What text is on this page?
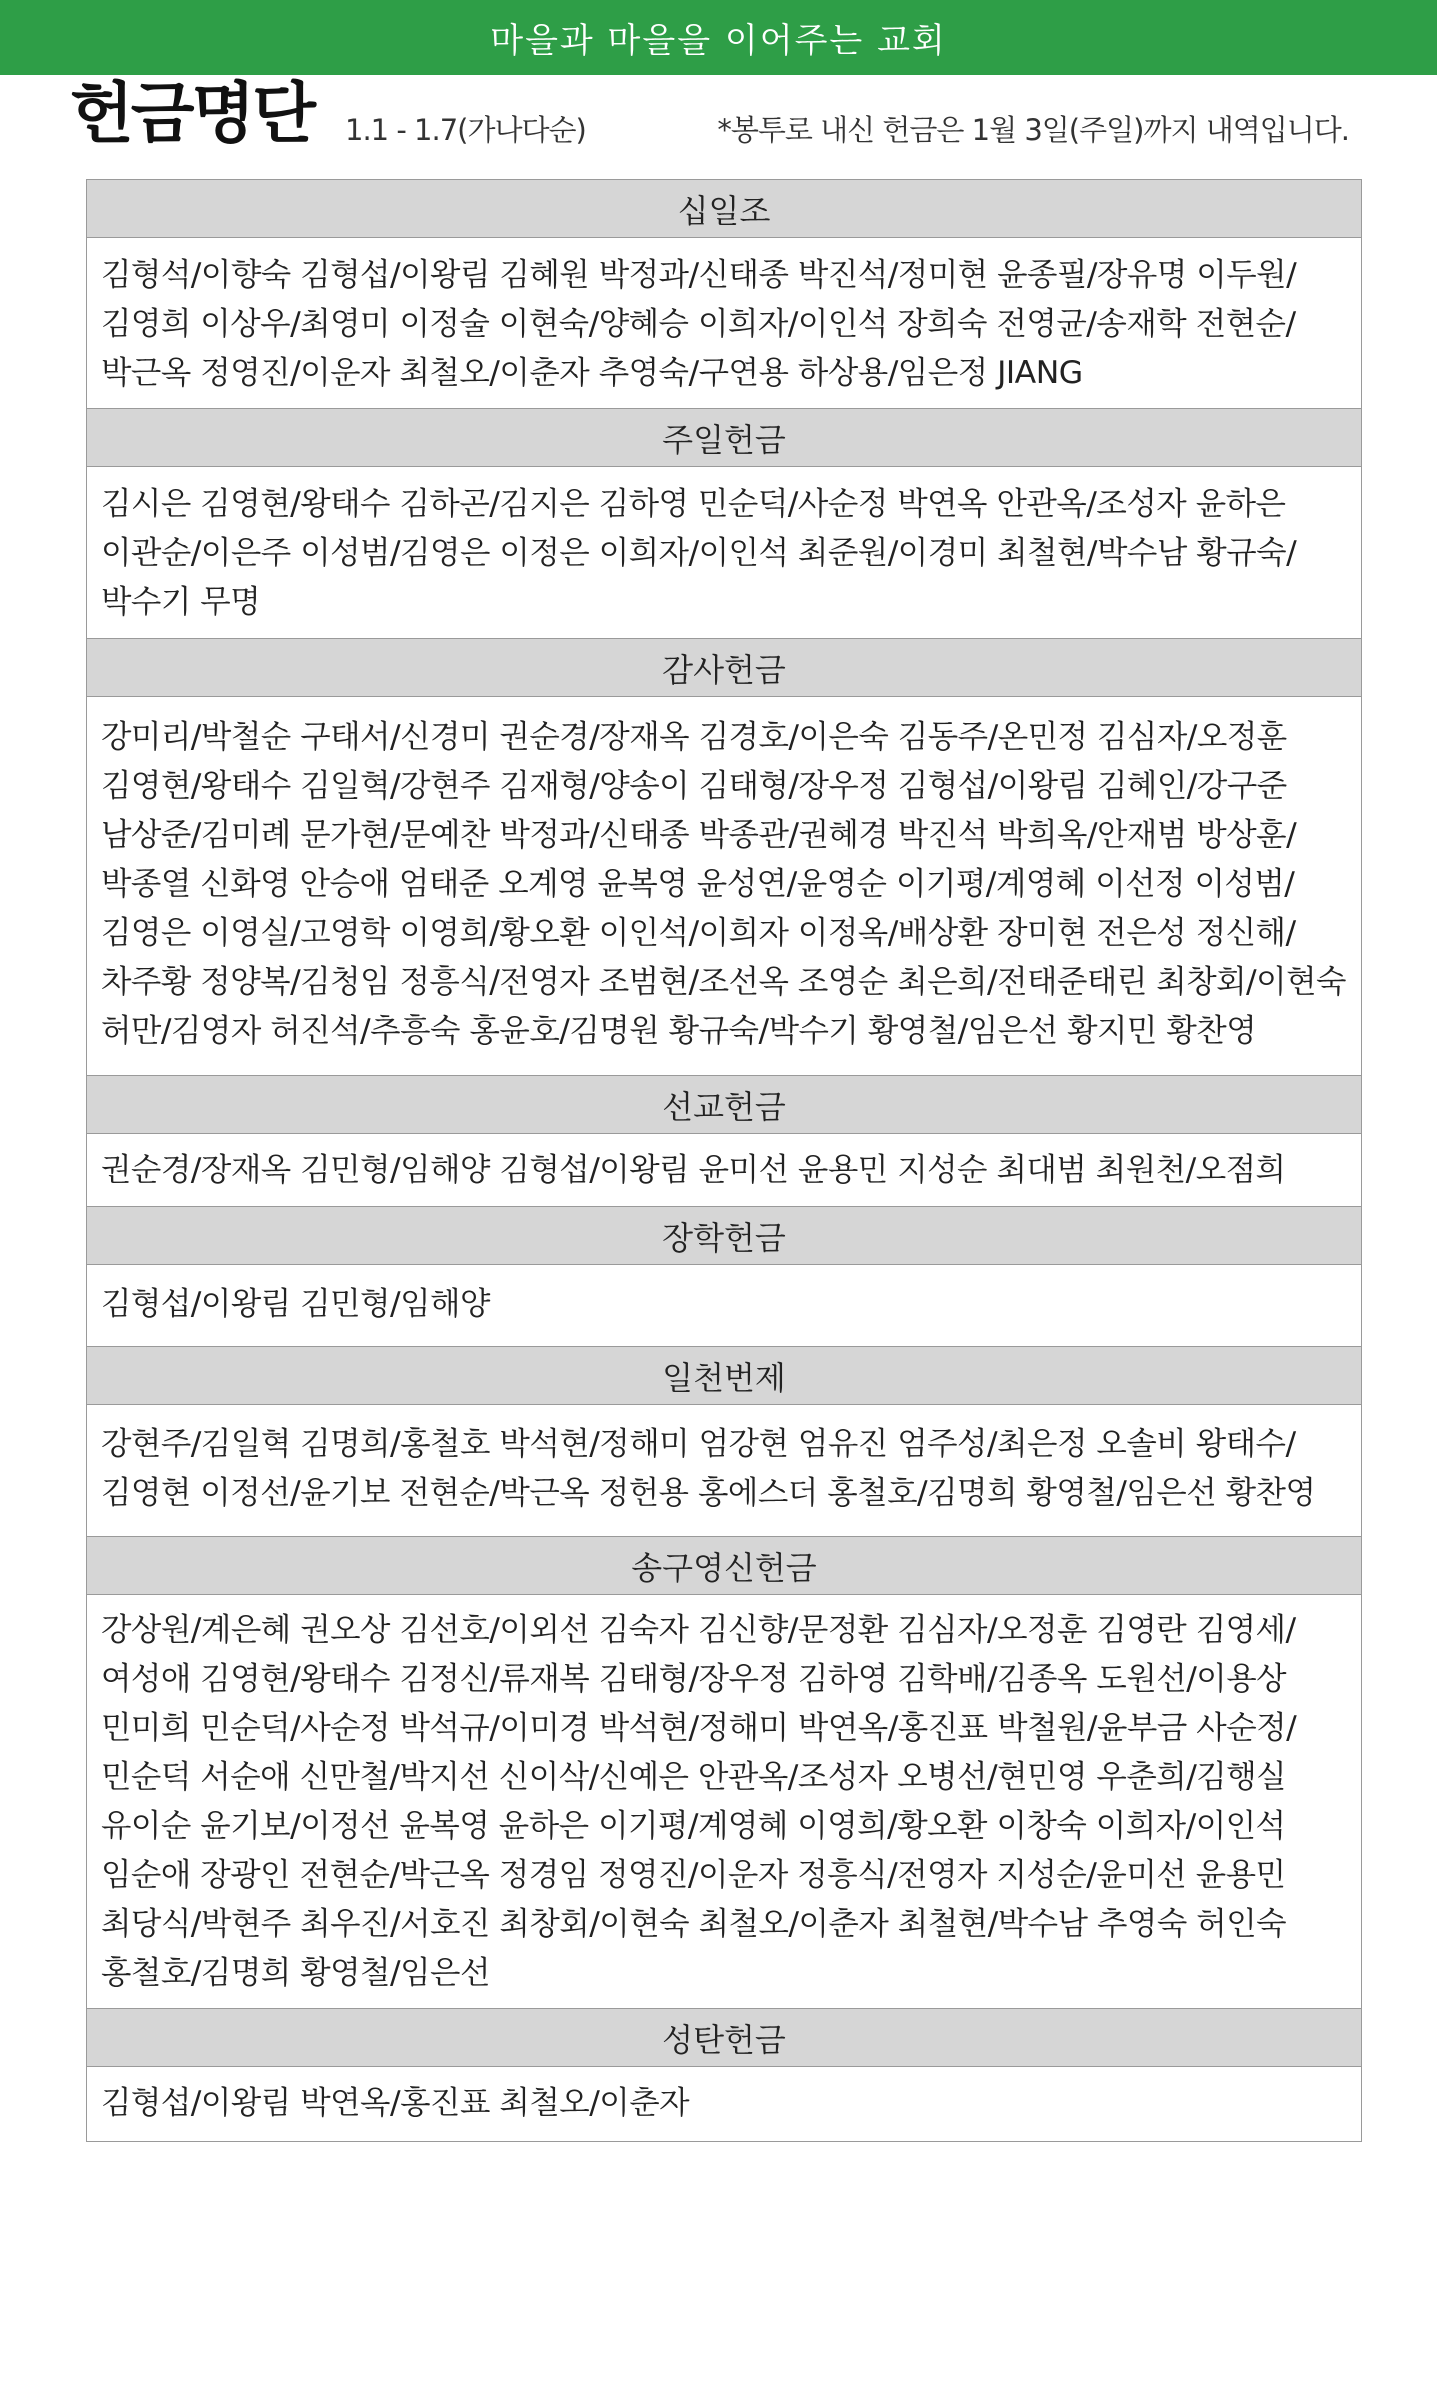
마을과 마을을 이어주는 교회
헌금명단 1.1 - 1.7(가나다순)	*봉투로 내신 헌금은 1월 3일(주일)까지 내역입니다.
십일조
김형석/이향숙 김형섭/이왕림 김혜원 박정과/신태종 박진석/정미현 윤종필/장유명 이두원/
김영희 이상우/최영미 이정술 이현숙/양혜승 이희자/이인석 장희숙 전영균/송재학 전현순/
박근옥 정영진/이운자 최철오/이춘자 추영숙/구연용 하상용/임은정 JIANG
주일헌금
김시은 김영현/왕태수 김하곤/김지은 김하영 민순덕/사순정 박연옥 안관옥/조성자 윤하은
이관순/이은주 이성범/김영은 이정은 이희자/이인석 최준원/이경미 최철현/박수남 황규숙/
박수기 무명
감사헌금
강미리/박철순 구태서/신경미 권순경/장재옥 김경호/이은숙 김동주/온민정 김심자/오정훈
김영현/왕태수 김일혁/강현주 김재형/양송이 김태형/장우정 김형섭/이왕림 김혜인/강구준
남상준/김미례 문가현/문예찬 박정과/신태종 박종관/권혜경 박진석 박희옥/안재범 방상훈/
박종열 신화영 안승애 엄태준 오계영 윤복영 윤성연/윤영순 이기평/계영혜 이선정 이성범/
김영은 이영실/고영학 이영희/황오환 이인석/이희자 이정옥/배상환 장미현 전은성 정신해/
차주황 정양복/김청임 정흥식/전영자 조범현/조선옥 조영순 최은희/전태준태린 최창회/이현숙
허만/김영자 허진석/추흥숙 홍윤호/김명원 황규숙/박수기 황영철/임은선 황지민 황찬영
선교헌금
권순경/장재옥 김민형/임해양 김형섭/이왕림 윤미선 윤용민 지성순 최대범 최원천/오점희
장학헌금
김형섭/이왕림 김민형/임해양
일천번제
강현주/김일혁 김명희/홍철호 박석현/정해미 엄강현 엄유진 엄주성/최은정 오솔비 왕태수/
김영현 이정선/윤기보 전현순/박근옥 정헌용 홍에스더 홍철호/김명희 황영철/임은선 황찬영
송구영신헌금
강상원/계은혜 권오상 김선호/이외선 김숙자 김신향/문정환 김심자/오정훈 김영란 김영세/
여성애 김영현/왕태수 김정신/류재복 김태형/장우정 김하영 김학배/김종옥 도원선/이용상
민미희 민순덕/사순정 박석규/이미경 박석현/정해미 박연옥/홍진표 박철원/윤부금 사순정/
민순덕 서순애 신만철/박지선 신이삭/신예은 안관옥/조성자 오병선/현민영 우춘희/김행실
유이순 윤기보/이정선 윤복영 윤하은 이기평/계영혜 이영희/황오환 이창숙 이희자/이인석
임순애 장광인 전현순/박근옥 정경임 정영진/이운자 정흥식/전영자 지성순/윤미선 윤용민
최당식/박현주 최우진/서호진 최창회/이현숙 최철오/이춘자 최철현/박수남 추영숙 허인숙
홍철호/김명희 황영철/임은선
성탄헌금
김형섭/이왕림 박연옥/홍진표 최철오/이춘자
